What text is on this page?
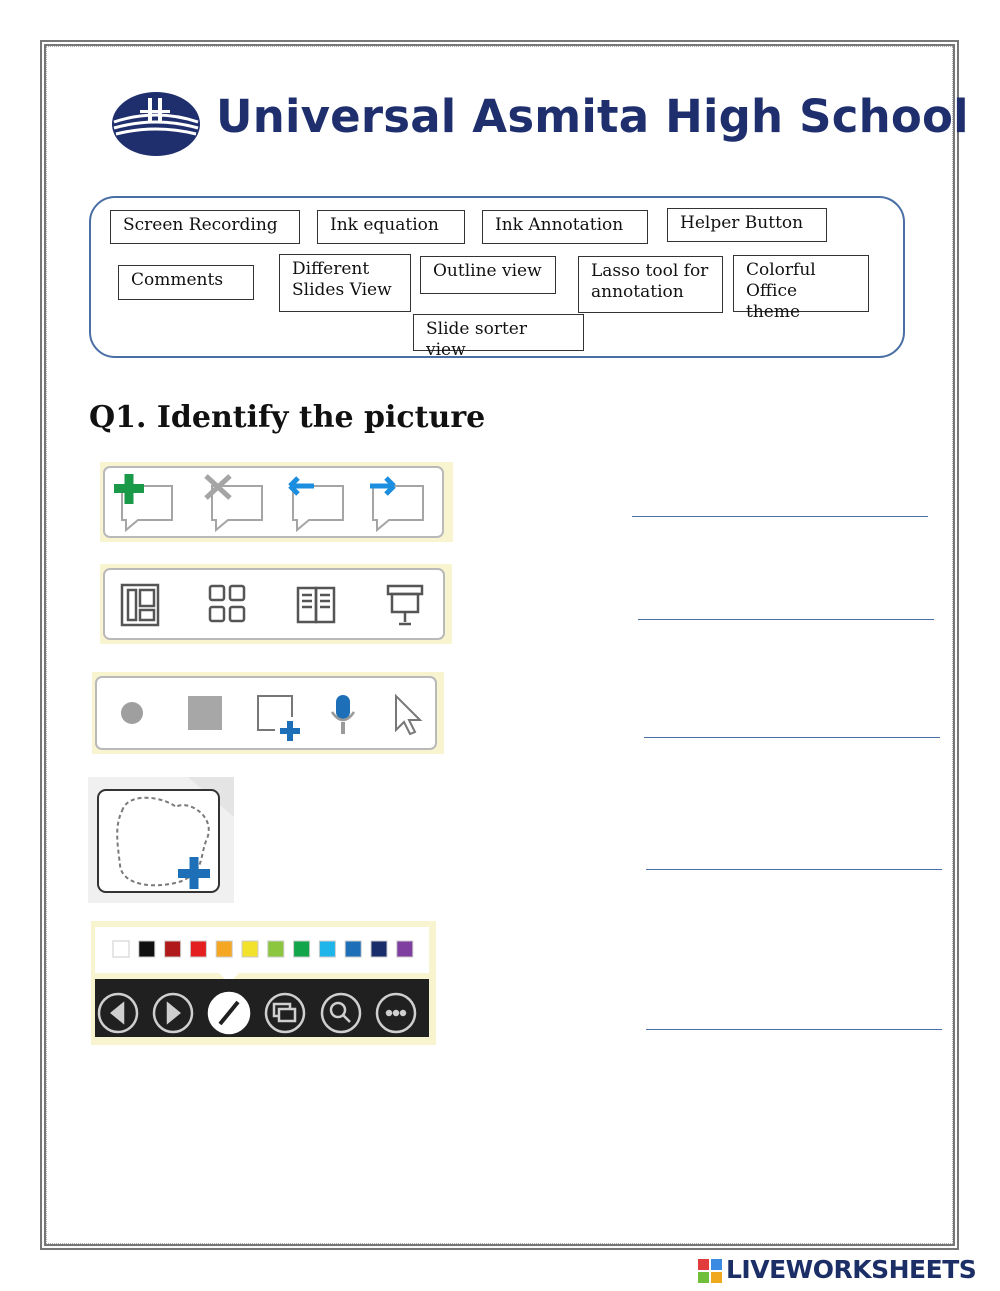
Universal Asmita High School
Screen Recording	Ink equation	Ink Annotation	Helper Button
Comments
Different
Slides View
Outline view	Lasso tool for
annotation
Colorful
Office theme
Slide sorter view
Q1. Identify the picture
LIVEWORKSHEETS
